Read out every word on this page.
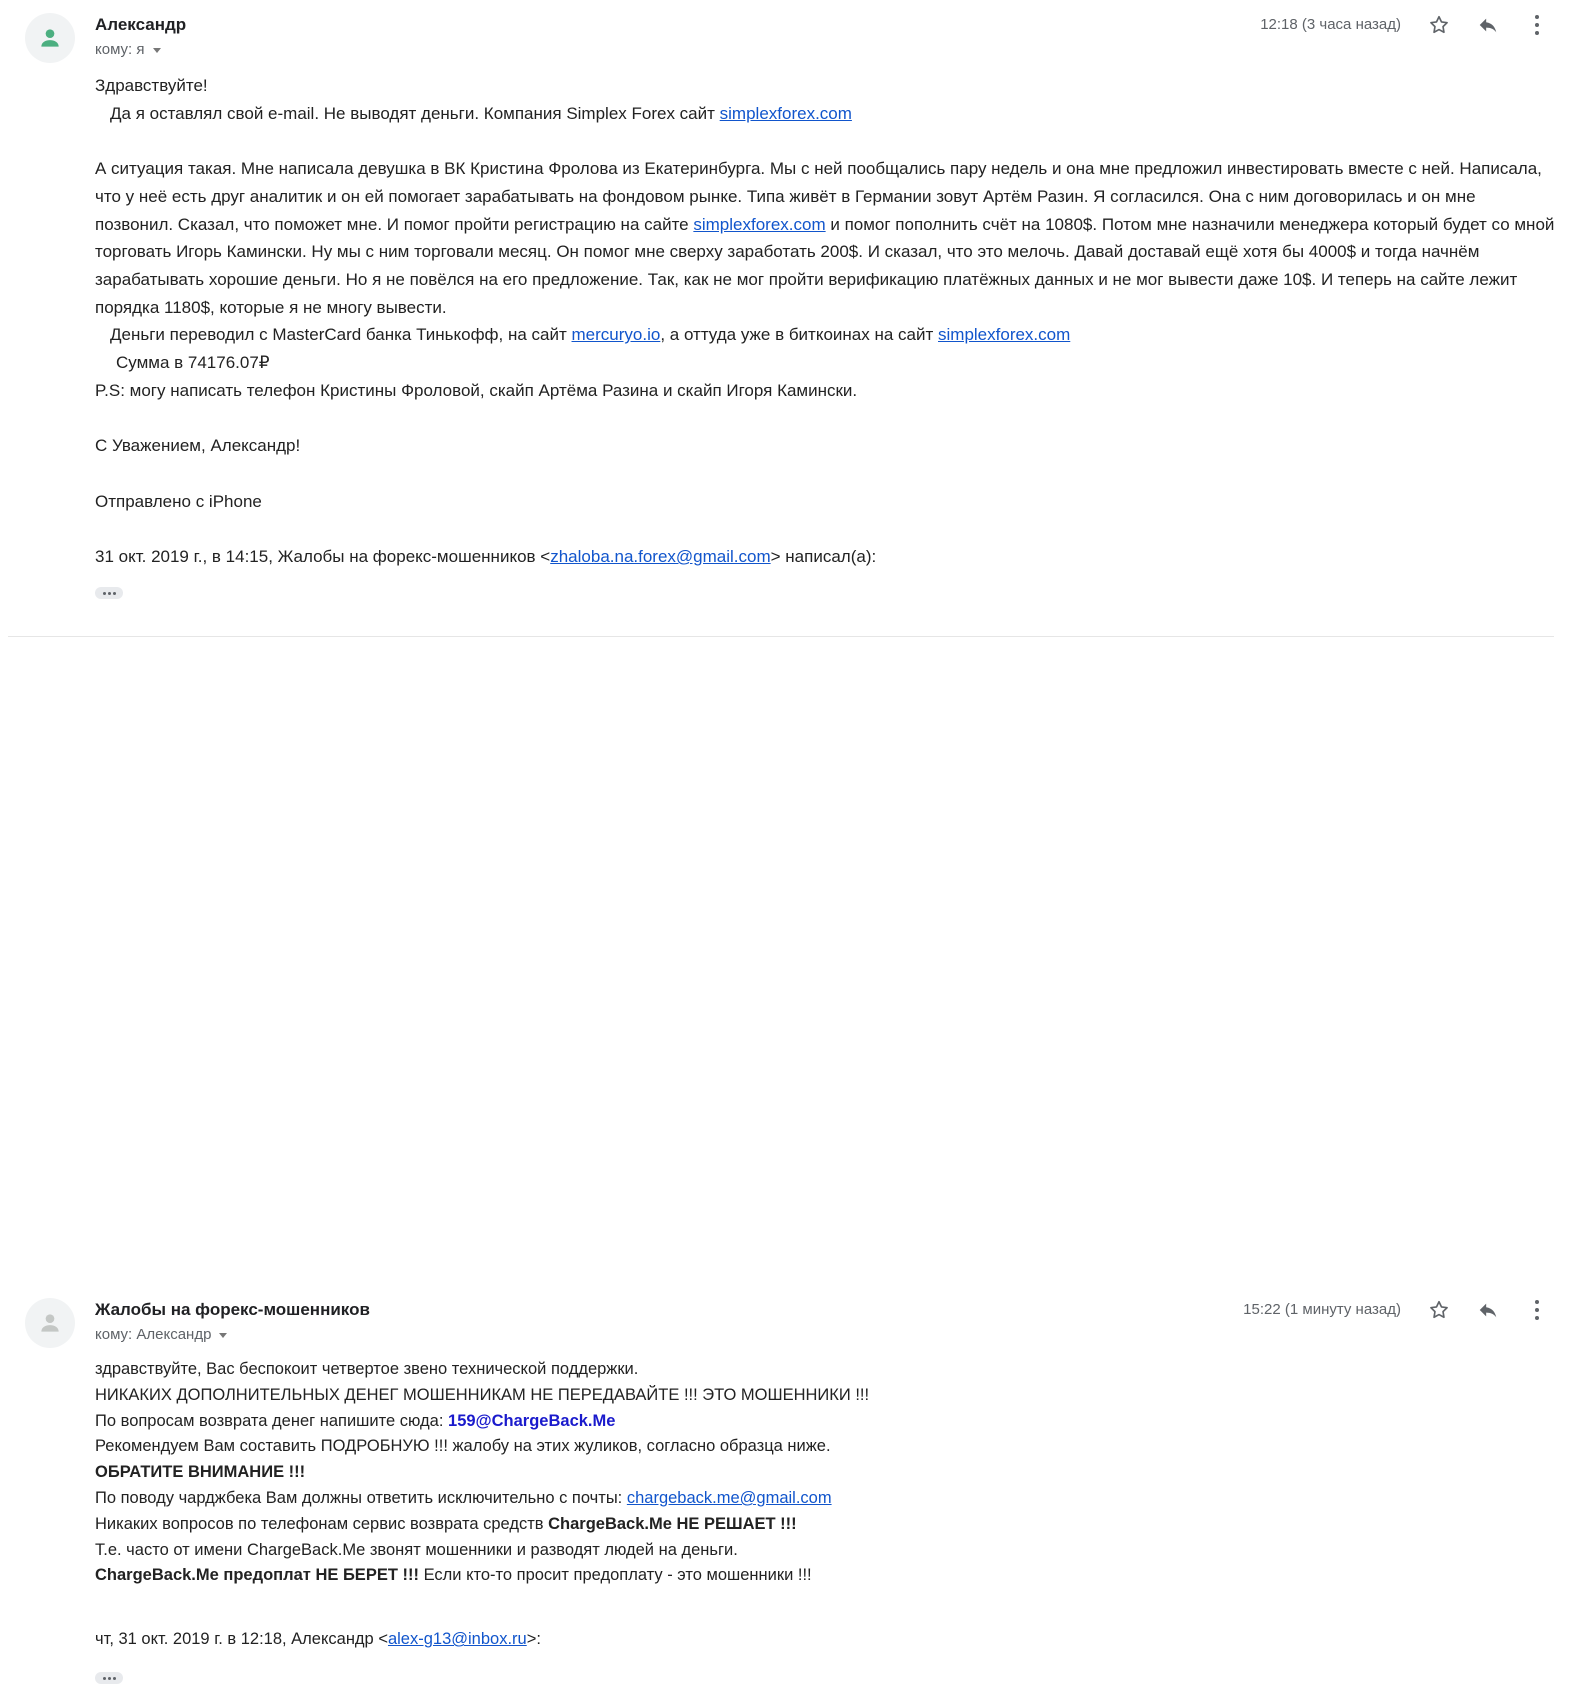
Александр
кому: я
12:18 (3 часа назад)

Здравствуйте!

Да я оставлял свой e-mail. Не выводят деньги. Компания Simplex Forex сайт simplexforex.com

А ситуация такая. Мне написала девушка в ВК Кристина Фролова из Екатеринбурга. Мы с ней пообщались пару недель и она мне предложил инвестировать вместе с ней. Написала, что у неё есть друг аналитик и он ей помогает зарабатывать на фондовом рынке. Типа живёт в Германии зовут Артём Разин. Я согласился. Она с ним договорилась и он мне позвонил. Сказал, что поможет мне. И помог пройти регистрацию на сайте simplexforex.com и помог пополнить счёт на 1080$. Потом мне назначили менеджера который будет со мной торговать Игорь Камински. Ну мы с ним торговали месяц. Он помог мне сверху заработать 200$. И сказал, что это мелочь. Давай доставай ещё хотя бы 4000$ и тогда начнём зарабатывать хорошие деньги. Но я не повёлся на его предложение. Так, как не мог пройти верификацию платёжных данных и не мог вывести даже 10$. И теперь на сайте лежит порядка 1180$, которые я не многу вывести.

Деньги переводил с MasterCard банка Тинькофф, на сайт mercuryo.io, а оттуда уже в биткоинах на сайт simplexforex.com

Сумма в 74176.07₽

P.S: могу написать телефон Кристины Фроловой, скайп Артёма Разина и скайп Игоря Камински.

С Уважением, Александр!

Отправлено с iPhone

31 окт. 2019 г., в 14:15, Жалобы на форекс-мошенников <zhaloba.na.forex@gmail.com> написал(а):

Жалобы на форекс-мошенников
кому: Александр
15:22 (1 минуту назад)

здравствуйте, Вас беспокоит четвертое звено технической поддержки.

НИКАКИХ ДОПОЛНИТЕЛЬНЫХ ДЕНЕГ МОШЕННИКАМ НЕ ПЕРЕДАВАЙТЕ !!! ЭТО МОШЕННИКИ !!!

По вопросам возврата денег напишите сюда: 159@ChargeBack.Me

Рекомендуем Вам составить ПОДРОБНУЮ !!! жалобу на этих жуликов, согласно образца ниже.

ОБРАТИТЕ ВНИМАНИЕ !!!

По поводу чарджбека Вам должны ответить исключительно с почты: chargeback.me@gmail.com

Никаких вопросов по телефонам сервис возврата средств ChargeBack.Me НЕ РЕШАЕТ !!!

Т.е. часто от имени ChargeBack.Me звонят мошенники и разводят людей на деньги.

ChargeBack.Me предоплат НЕ БЕРЕТ !!! Если кто-то просит предоплату - это мошенники !!!

чт, 31 окт. 2019 г. в 12:18, Александр <alex-g13@inbox.ru>:
